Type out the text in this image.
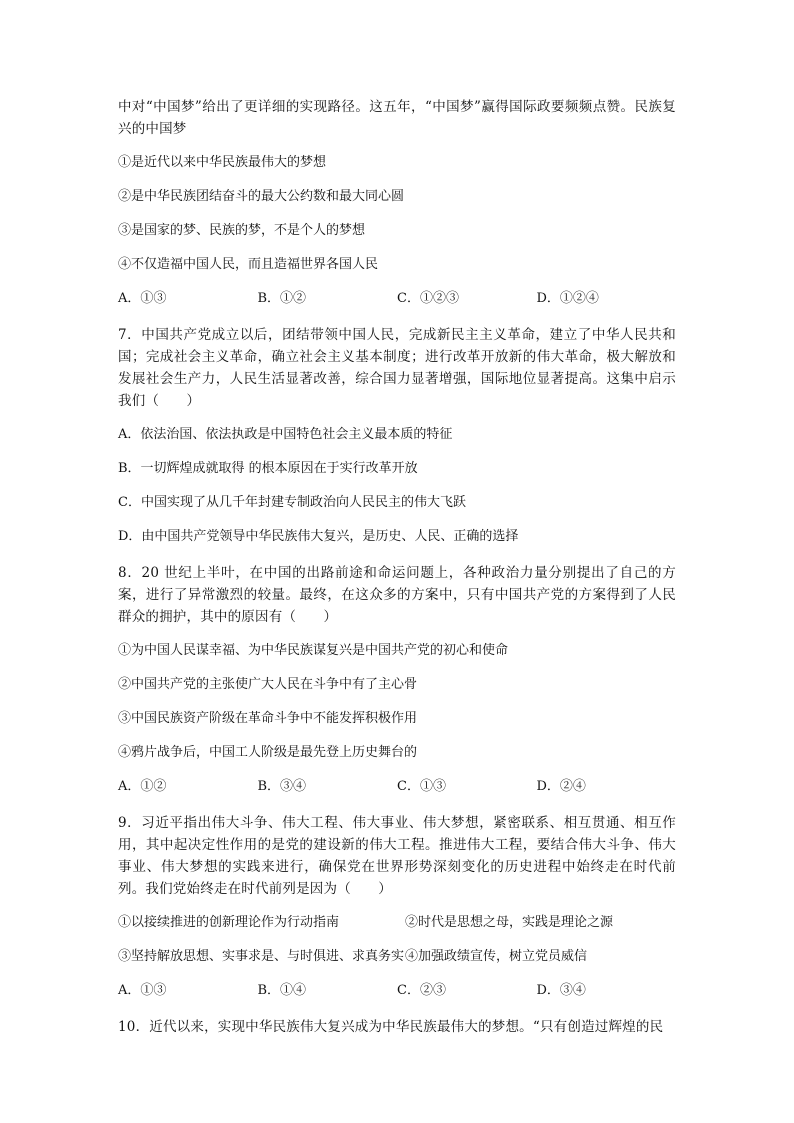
中对“中国梦”给出了更详细的实现路径。这五年，“中国梦”赢得国际政要频频点赞。民族复兴的中国梦

①是近代以来中华民族最伟大的梦想

②是中华民族团结奋斗的最大公约数和最大同心圆

③是国家的梦、民族的梦，不是个人的梦想

④不仅造福中国人民，而且造福世界各国人民

A．①③	B．①②	C．①②③	D．①②④

7．中国共产党成立以后，团结带领中国人民，完成新民主主义革命，建立了中华人民共和国；完成社会主义革命，确立社会主义基本制度；进行改革开放新的伟大革命，极大解放和发展社会生产力，人民生活显著改善，综合国力显著增强，国际地位显著提高。这集中启示我们（　　）

A．依法治国、依法执政是中国特色社会主义最本质的特征

B．一切辉煌成就取得 的根本原因在于实行改革开放

C．中国实现了从几千年封建专制政治向人民民主的伟大飞跃

D．由中国共产党领导中华民族伟大复兴，是历史、人民、正确的选择

8．20 世纪上半叶，在中国的出路前途和命运问题上，各种政治力量分别提出了自己的方案，进行了异常激烈的较量。最终，在这众多的方案中，只有中国共产党的方案得到了人民群众的拥护，其中的原因有（　　）

①为中国人民谋幸福、为中华民族谋复兴是中国共产党的初心和使命

②中国共产党的主张使广大人民在斗争中有了主心骨

③中国民族资产阶级在革命斗争中不能发挥积极作用

④鸦片战争后，中国工人阶级是最先登上历史舞台的

A．①②	B．③④	C．①③	D．②④

9．习近平指出伟大斗争、伟大工程、伟大事业、伟大梦想，紧密联系、相互贯通、相互作用，其中起决定性作用的是党的建设新的伟大工程。推进伟大工程，要结合伟大斗争、伟大事业、伟大梦想的实践来进行，确保党在世界形势深刻变化的历史进程中始终走在时代前列。我们党始终走在时代前列是因为（　　）

①以接续推进的创新理论作为行动指南	②时代是思想之母，实践是理论之源
③坚持解放思想、实事求是、与时俱进、求真务实 ④加强政绩宣传，树立党员威信
A．①③	B．①④	C．②③	D．③④

10．近代以来，实现中华民族伟大复兴成为中华民族最伟大的梦想。“只有创造过辉煌的民
